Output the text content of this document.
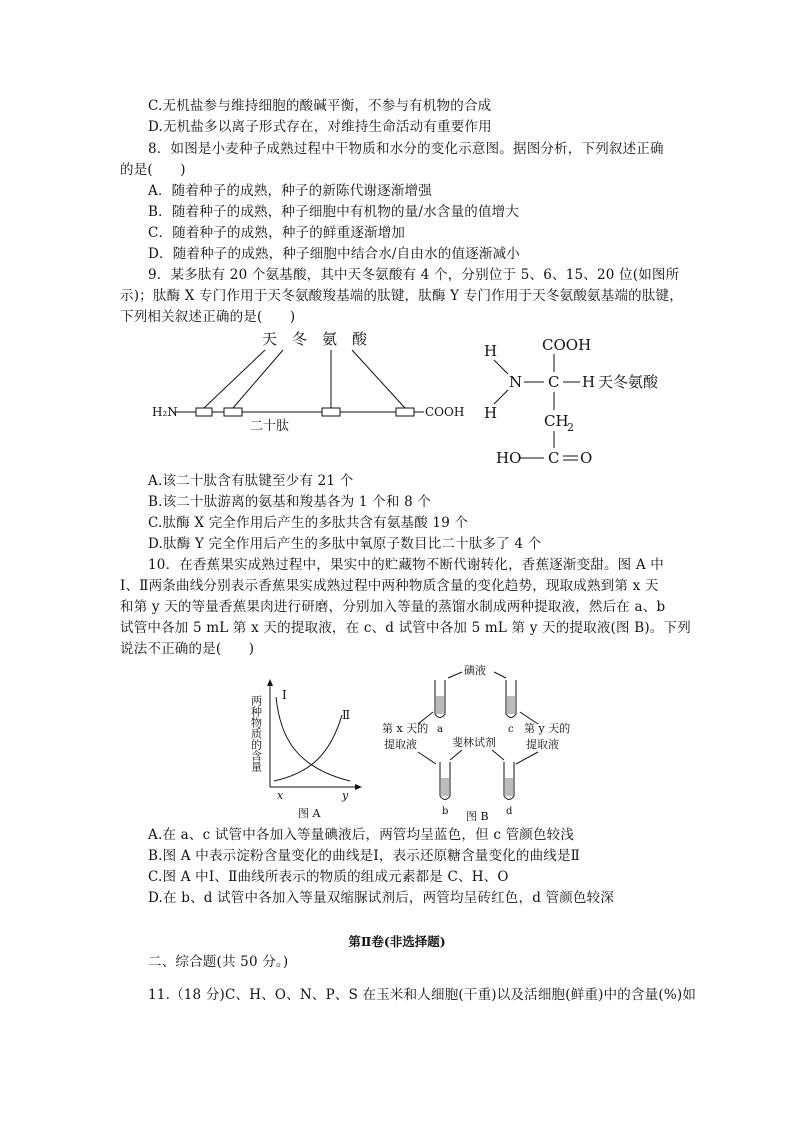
C.无机盐参与维持细胞的酸碱平衡，不参与有机物的合成
D.无机盐多以离子形式存在，对维持生命活动有重要作用
8．如图是小麦种子成熟过程中干物质和水分的变化示意图。据图分析，下列叙述正确
的是(　　)
A．随着种子的成熟，种子的新陈代谢逐渐增强
B．随着种子的成熟，种子细胞中有机物的量/水含量的值增大
C．随着种子的成熟，种子的鲜重逐渐增加
D．随着种子的成熟，种子细胞中结合水/自由水的值逐渐减小
9．某多肽有 20 个氨基酸，其中天冬氨酸有 4 个，分别位于 5、6、15、20 位(如图所
示)；肽酶 X 专门作用于天冬氨酸羧基端的肽键，肽酶 Y 专门作用于天冬氨酸氨基端的肽键，
下列相关叙述正确的是(　　)
天　冬　氨　酸
H₂N	COOH
二十肽
COOH
H
H
N C H 天冬氨酸
CH
2
HO C O
A.该二十肽含有肽键至少有 21 个
B.该二十肽游离的氨基和羧基各为 1 个和 8 个
C.肽酶 X 完全作用后产生的多肽共含有氨基酸 19 个
D.肽酶 Y 完全作用后产生的多肽中氧原子数目比二十肽多了 4 个
10．在香蕉果实成熟过程中，果实中的贮藏物不断代谢转化，香蕉逐渐变甜。图 A 中
Ⅰ、Ⅱ两条曲线分别表示香蕉果实成熟过程中两种物质含量的变化趋势，现取成熟到第 x 天
和第 y 天的等量香蕉果肉进行研磨，分别加入等量的蒸馏水制成两种提取液，然后在 a、b
试管中各加 5 mL 第 x 天的提取液，在 c、d 试管中各加 5 mL 第 y 天的提取液(图 B)。下列
说法不正确的是(　　)
两种物质的含量 Ⅰ
Ⅱ
x	y
图 A
碘液
a	c
第 x 天的
提取液
第 y 天的
提取液
斐林试剂
b	d
图 B
A.在 a、c 试管中各加入等量碘液后，两管均呈蓝色，但 c 管颜色较浅
B.图 A 中表示淀粉含量变化的曲线是Ⅰ，表示还原糖含量变化的曲线是Ⅱ
C.图 A 中Ⅰ、Ⅱ曲线所表示的物质的组成元素都是 C、H、O
D.在 b、d 试管中各加入等量双缩脲试剂后，两管均呈砖红色，d 管颜色较深
第Ⅱ卷(非选择题)
二、综合题(共 50 分。)
11.（18 分)C、H、O、N、P、S 在玉米和人细胞(干重)以及活细胞(鲜重)中的含量(%)如
